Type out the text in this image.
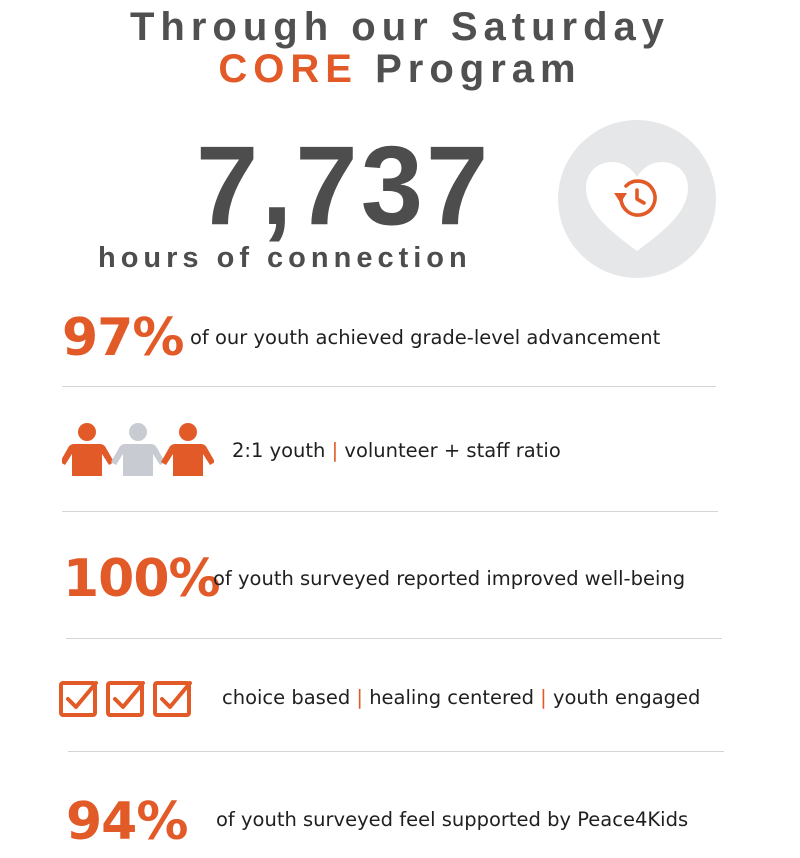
Through our Saturday
CORE Program
7,737
hours of connection
97% of our youth achieved grade-level advancement
2:1 youth | volunteer + staff ratio
100%
of youth surveyed reported improved well-being
choice based | healing centered | youth engaged
94% of youth surveyed feel supported by Peace4Kids
